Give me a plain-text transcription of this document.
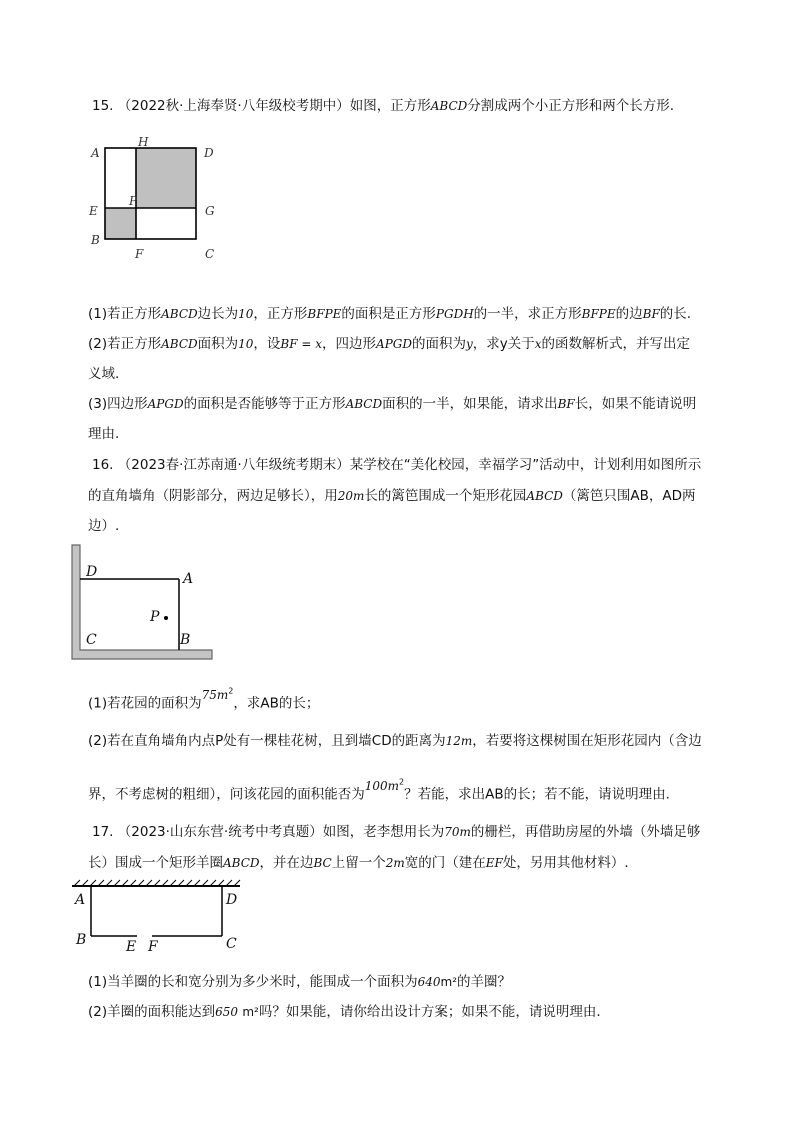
15. （2022秋·上海奉贤·八年级校考期中）如图，正方形ABCD分割成两个小正方形和两个长方形.
A
H
D
E
P
G
B
F	C
(1)若正方形ABCD边长为10，正方形BFPE的面积是正方形PGDH的一半，求正方形BFPE的边BF的长.
(2)若正方形ABCD面积为10，设BF = x，四边形APGD的面积为y，求y关于x的函数解析式，并写出定
义域.
(3)四边形APGD的面积是否能够等于正方形ABCD面积的一半，如果能，请求出BF长，如果不能请说明
理由.
16. （2023春·江苏南通·八年级统考期末）某学校在“美化校园，幸福学习”活动中，计划利用如图所示
的直角墙角（阴影部分，两边足够长），用20m长的篱笆围成一个矩形花园ABCD（篱笆只围AB，AD两
边）.
D	A
P
C	B
(1)若花园的面积为$75m^2$，求AB的长；
(2)若在直角墙角内点P处有一棵桂花树，且到墙CD的距离为12m，若要将这棵树围在矩形花园内（含边
界，不考虑树的粗细），问该花园的面积能否为$100m^2$？若能，求出AB的长；若不能，请说明理由.
17. （2023·山东东营·统考中考真题）如图，老李想用长为70m的栅栏，再借助房屋的外墙（外墙足够
长）围成一个矩形羊圈ABCD，并在边BC上留一个2m宽的门（建在EF处，另用其他材料）.
A	D
B	E F	C
(1)当羊圈的长和宽分别为多少米时，能围成一个面积为640m²的羊圈？
(2)羊圈的面积能达到650 m²吗？如果能，请你给出设计方案；如果不能，请说明理由.
